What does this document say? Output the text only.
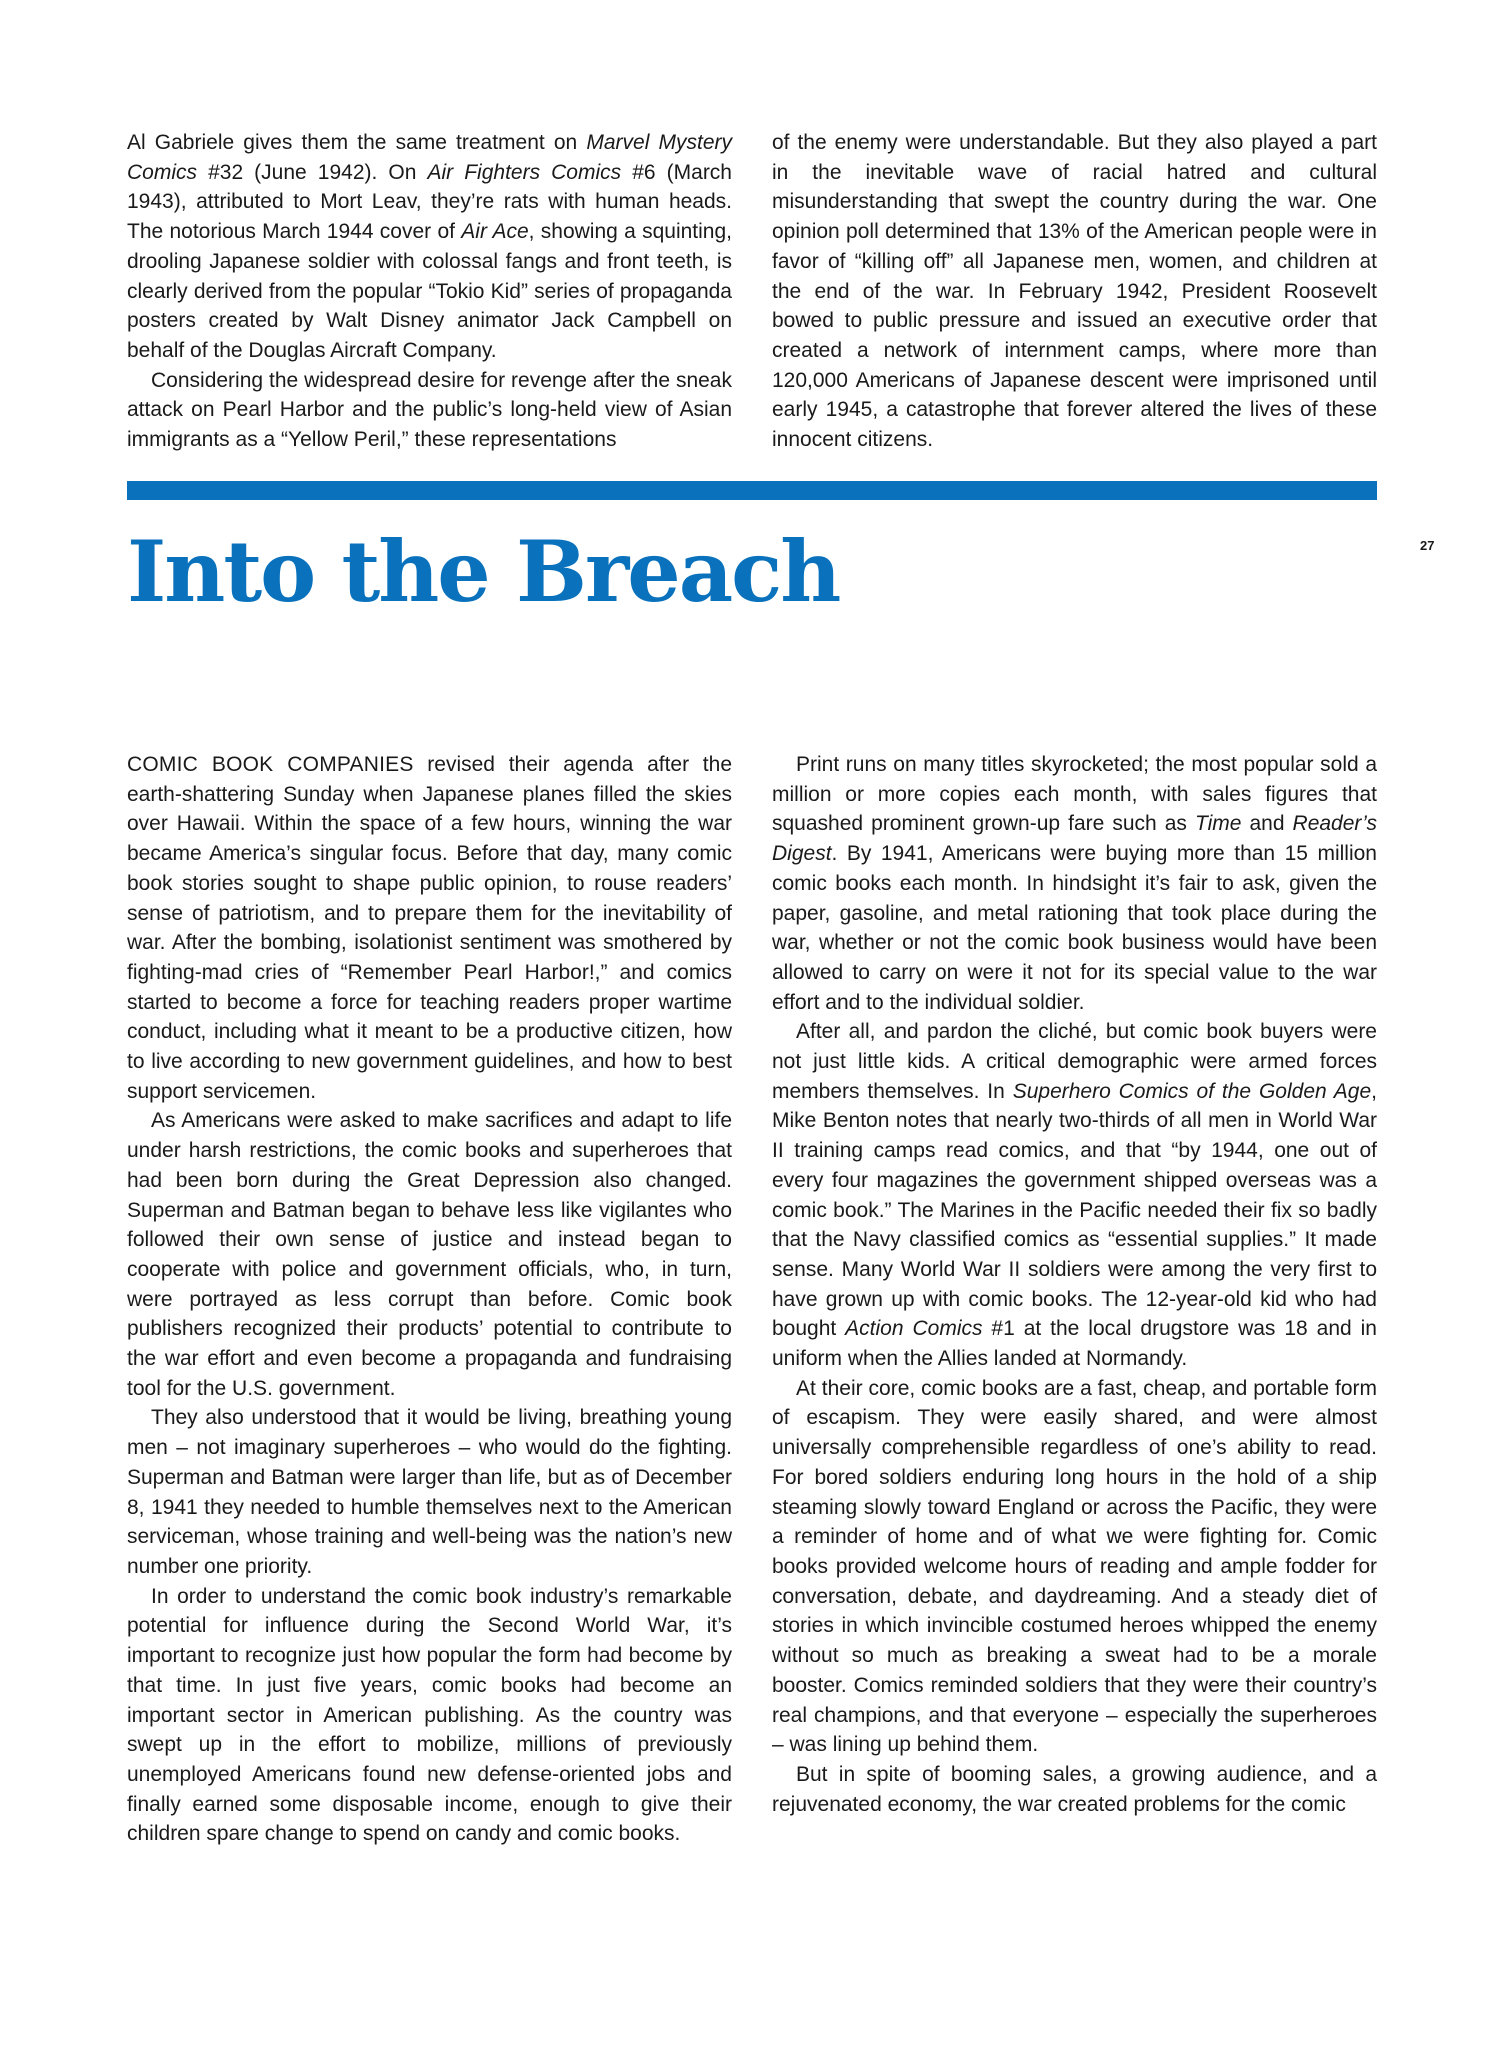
Al Gabriele gives them the same treatment on Marvel Mystery Comics #32 (June 1942). On Air Fighters Comics #6 (March 1943), attributed to Mort Leav, they’re rats with human heads. The notorious March 1944 cover of Air Ace, showing a squinting, drooling Japanese soldier with colossal fangs and front teeth, is clearly derived from the popular “Tokio Kid” series of propaganda posters created by Walt Disney animator Jack Campbell on behalf of the Douglas Aircraft Company.

Considering the widespread desire for revenge after the sneak attack on Pearl Harbor and the public’s long-held view of Asian immigrants as a “Yellow Peril,” these representations

of the enemy were understandable. But they also played a part in the inevitable wave of racial hatred and cultural misunderstanding that swept the country during the war. One opinion poll determined that 13% of the American people were in favor of “killing off” all Japanese men, women, and children at the end of the war. In February 1942, President Roosevelt bowed to public pressure and issued an executive order that created a network of internment camps, where more than 120,000 Americans of Japanese descent were imprisoned until early 1945, a catastrophe that forever altered the lives of these innocent citizens.

Into the Breach	27

COMIC BOOK COMPANIES revised their agenda after the earth-shattering Sunday when Japanese planes filled the skies over Hawaii. Within the space of a few hours, winning the war became America’s singular focus. Before that day, many comic book stories sought to shape public opinion, to rouse readers’ sense of patriotism, and to prepare them for the inevitability of war. After the bombing, isolationist sentiment was smothered by fighting-mad cries of “Remember Pearl Harbor!,” and comics started to become a force for teaching readers proper wartime conduct, including what it meant to be a productive citizen, how to live according to new government guidelines, and how to best support servicemen.

As Americans were asked to make sacrifices and adapt to life under harsh restrictions, the comic books and superheroes that had been born during the Great Depression also changed. Superman and Batman began to behave less like vigilantes who followed their own sense of justice and instead began to cooperate with police and government officials, who, in turn, were portrayed as less corrupt than before. Comic book publishers recognized their products’ potential to contribute to the war effort and even become a propaganda and fundraising tool for the U.S. government.

They also understood that it would be living, breathing young men – not imaginary superheroes – who would do the fighting. Superman and Batman were larger than life, but as of December 8, 1941 they needed to humble themselves next to the American serviceman, whose training and well-being was the nation’s new number one priority.

In order to understand the comic book industry’s remarkable potential for influence during the Second World War, it’s important to recognize just how popular the form had become by that time. In just five years, comic books had become an important sector in American publishing. As the country was swept up in the effort to mobilize, millions of previously unemployed Americans found new defense-oriented jobs and finally earned some disposable income, enough to give their children spare change to spend on candy and comic books.

Print runs on many titles skyrocketed; the most popular sold a million or more copies each month, with sales figures that squashed prominent grown-up fare such as Time and Reader’s Digest. By 1941, Americans were buying more than 15 million comic books each month. In hindsight it’s fair to ask, given the paper, gasoline, and metal rationing that took place during the war, whether or not the comic book business would have been allowed to carry on were it not for its special value to the war effort and to the individual soldier.

After all, and pardon the cliché, but comic book buyers were not just little kids. A critical demographic were armed forces members themselves. In Superhero Comics of the Golden Age, Mike Benton notes that nearly two-thirds of all men in World War II training camps read comics, and that “by 1944, one out of every four magazines the government shipped overseas was a comic book.” The Marines in the Pacific needed their fix so badly that the Navy classified comics as “essential supplies.” It made sense. Many World War II soldiers were among the very first to have grown up with comic books. The 12-year-old kid who had bought Action Comics #1 at the local drugstore was 18 and in uniform when the Allies landed at Normandy.

At their core, comic books are a fast, cheap, and portable form of escapism. They were easily shared, and were almost universally comprehensible regardless of one’s ability to read. For bored soldiers enduring long hours in the hold of a ship steaming slowly toward England or across the Pacific, they were a reminder of home and of what we were fighting for. Comic books provided welcome hours of reading and ample fodder for conversation, debate, and daydreaming. And a steady diet of stories in which invincible costumed heroes whipped the enemy without so much as breaking a sweat had to be a morale booster. Comics reminded soldiers that they were their country’s real champions, and that everyone – especially the superheroes – was lining up behind them.

But in spite of booming sales, a growing audience, and a rejuvenated economy, the war created problems for the comic
